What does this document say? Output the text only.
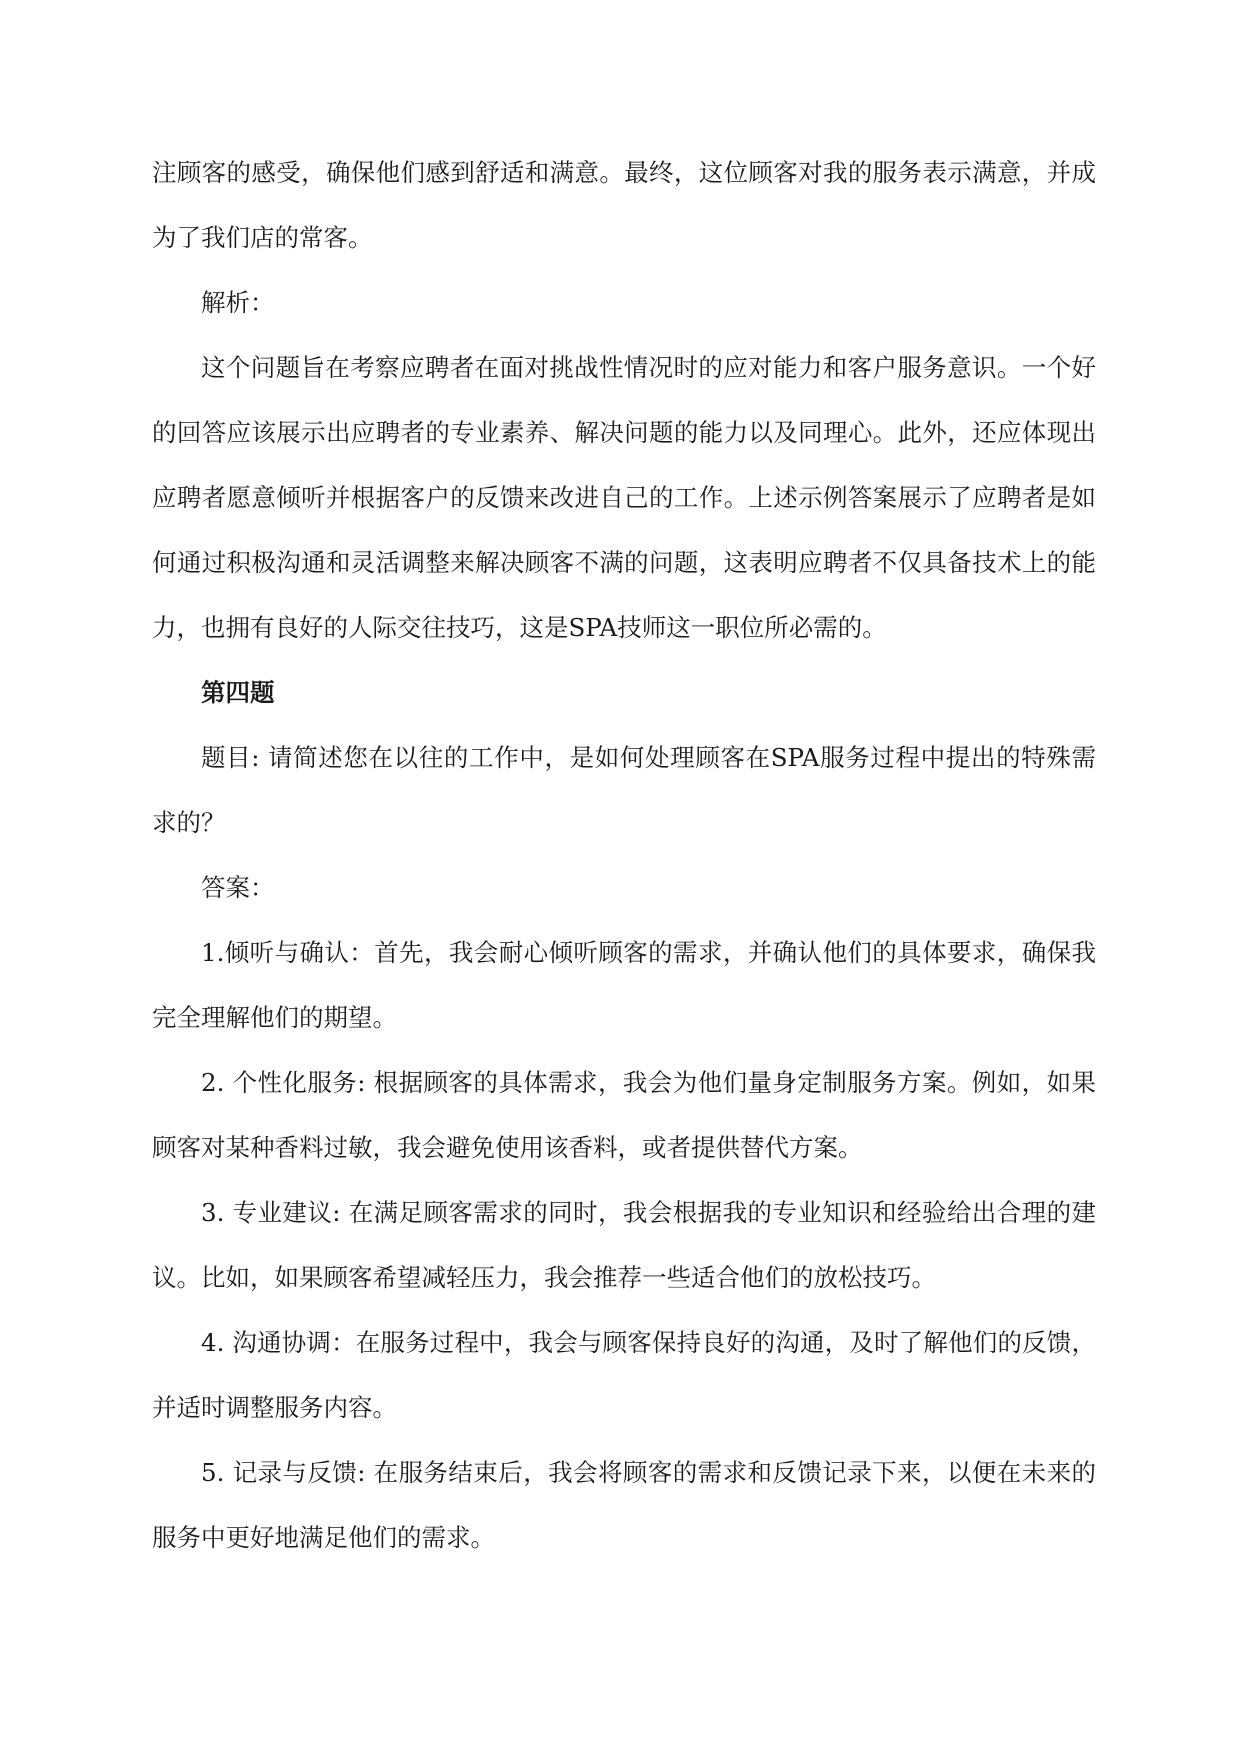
注顾客的感受，确保他们感到舒适和满意。最终，这位顾客对我的服务表示满意，并成为了我们店的常客。

解析：

这个问题旨在考察应聘者在面对挑战性情况时的应对能力和客户服务意识。一个好的回答应该展示出应聘者的专业素养、解决问题的能力以及同理心。此外，还应体现出应聘者愿意倾听并根据客户的反馈来改进自己的工作。上述示例答案展示了应聘者是如何通过积极沟通和灵活调整来解决顾客不满的问题，这表明应聘者不仅具备技术上的能力，也拥有良好的人际交往技巧，这是SPA技师这一职位所必需的。

第四题

题目: 请简述您在以往的工作中，是如何处理顾客在SPA服务过程中提出的特殊需求的？

答案：

1.倾听与确认：首先，我会耐心倾听顾客的需求，并确认他们的具体要求，确保我完全理解他们的期望。

2. 个性化服务: 根据顾客的具体需求，我会为他们量身定制服务方案。例如，如果顾客对某种香料过敏，我会避免使用该香料，或者提供替代方案。

3. 专业建议: 在满足顾客需求的同时，我会根据我的专业知识和经验给出合理的建议。比如，如果顾客希望减轻压力，我会推荐一些适合他们的放松技巧。

4. 沟通协调：在服务过程中，我会与顾客保持良好的沟通，及时了解他们的反馈，并适时调整服务内容。

5. 记录与反馈: 在服务结束后，我会将顾客的需求和反馈记录下来，以便在未来的服务中更好地满足他们的需求。
